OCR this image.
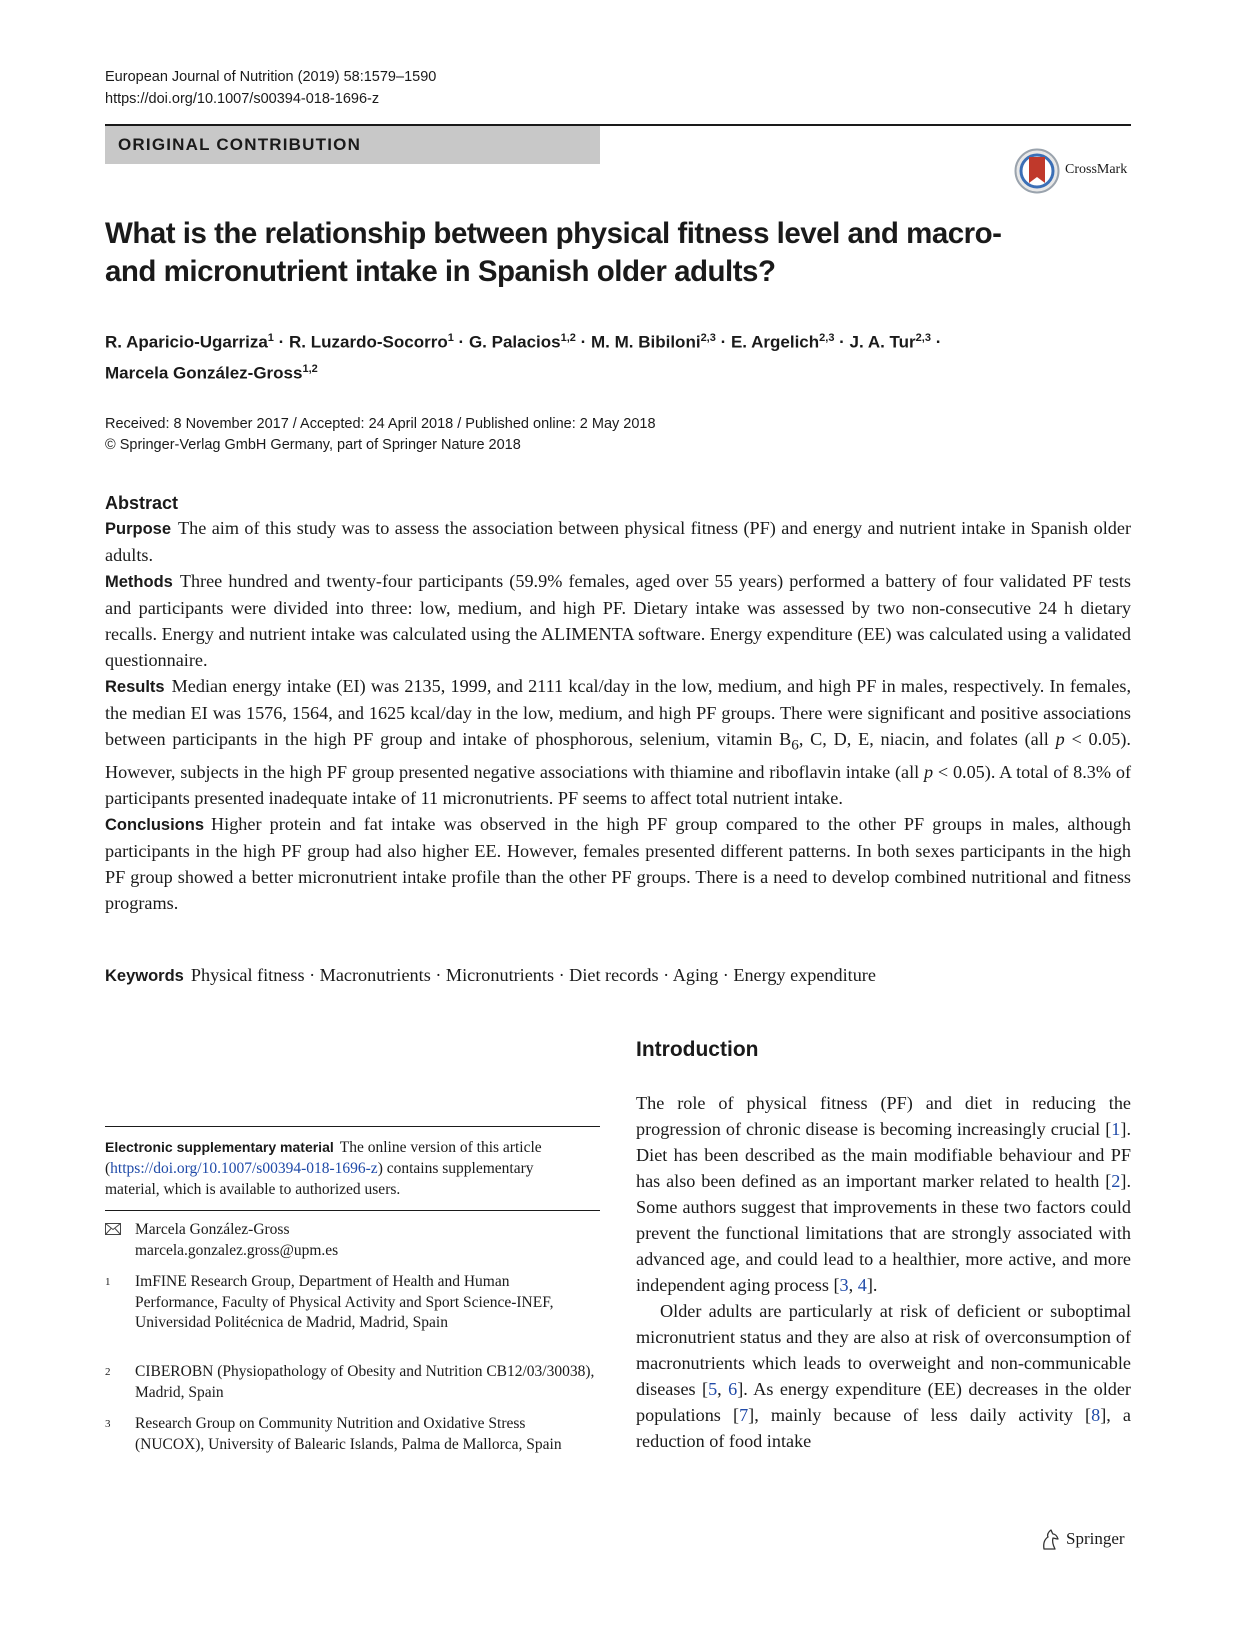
European Journal of Nutrition (2019) 58:1579–1590
https://doi.org/10.1007/s00394-018-1696-z
ORIGINAL CONTRIBUTION
CrossMark
What is the relationship between physical fitness level and macro-
and micronutrient intake in Spanish older adults?
R. Aparicio-Ugarriza$^1$ · R. Luzardo-Socorro$^1$ · G. Palacios$^{1,2}$ · M. M. Bibiloni$^{2,3}$ · E. Argelich$^{2,3}$ · J. A. Tur$^{2,3}$ ·
Marcela González-Gross$^{1,2}$
Received: 8 November 2017 / Accepted: 24 April 2018 / Published online: 2 May 2018
© Springer-Verlag GmbH Germany, part of Springer Nature 2018
Abstract

Purpose The aim of this study was to assess the association between physical fitness (PF) and energy and nutrient intake in Spanish older adults.

Methods Three hundred and twenty-four participants (59.9% females, aged over 55 years) performed a battery of four validated PF tests and participants were divided into three: low, medium, and high PF. Dietary intake was assessed by two non-consecutive 24 h dietary recalls. Energy and nutrient intake was calculated using the ALIMENTA software. Energy expenditure (EE) was calculated using a validated questionnaire.

Results Median energy intake (EI) was 2135, 1999, and 2111 kcal/day in the low, medium, and high PF in males, respectively. In females, the median EI was 1576, 1564, and 1625 kcal/day in the low, medium, and high PF groups. There were significant and positive associations between participants in the high PF group and intake of phosphorous, selenium, vitamin $B_6$, C, D, E, niacin, and folates (all p < 0.05). However, subjects in the high PF group presented negative associations with thiamine and riboflavin intake (all p < 0.05). A total of 8.3% of participants presented inadequate intake of 11 micronutrients. PF seems to affect total nutrient intake.

Conclusions Higher protein and fat intake was observed in the high PF group compared to the other PF groups in males, although participants in the high PF group had also higher EE. However, females presented different patterns. In both sexes participants in the high PF group showed a better micronutrient intake profile than the other PF groups. There is a need to develop combined nutritional and fitness programs.

Keywords Physical fitness · Macronutrients · Micronutrients · Diet records · Aging · Energy expenditure
Introduction

The role of physical fitness (PF) and diet in reducing the progression of chronic disease is becoming increasingly crucial [1]. Diet has been described as the main modifiable behaviour and PF has also been defined as an important marker related to health [2]. Some authors suggest that improvements in these two factors could prevent the functional limitations that are strongly associated with advanced age, and could lead to a healthier, more active, and more independent aging process [3, 4].

Older adults are particularly at risk of deficient or suboptimal micronutrient status and they are also at risk of overconsumption of macronutrients which leads to overweight and non-communicable diseases [5, 6]. As energy expenditure (EE) decreases in the older populations [7], mainly because of less daily activity [8], a reduction of food intake

Electronic supplementary material The online version of this article (https://doi.org/10.1007/s00394-018-1696-z) contains supplementary material, which is available to authorized users.
Marcela González-Gross
marcela.gonzalez.gross@upm.es
1 ImFINE Research Group, Department of Health and Human Performance, Faculty of Physical Activity and Sport Science-INEF, Universidad Politécnica de Madrid, Madrid, Spain
2 CIBEROBN (Physiopathology of Obesity and Nutrition CB12/03/30038), Madrid, Spain
3 Research Group on Community Nutrition and Oxidative Stress (NUCOX), University of Balearic Islands, Palma de Mallorca, Spain
Springer
